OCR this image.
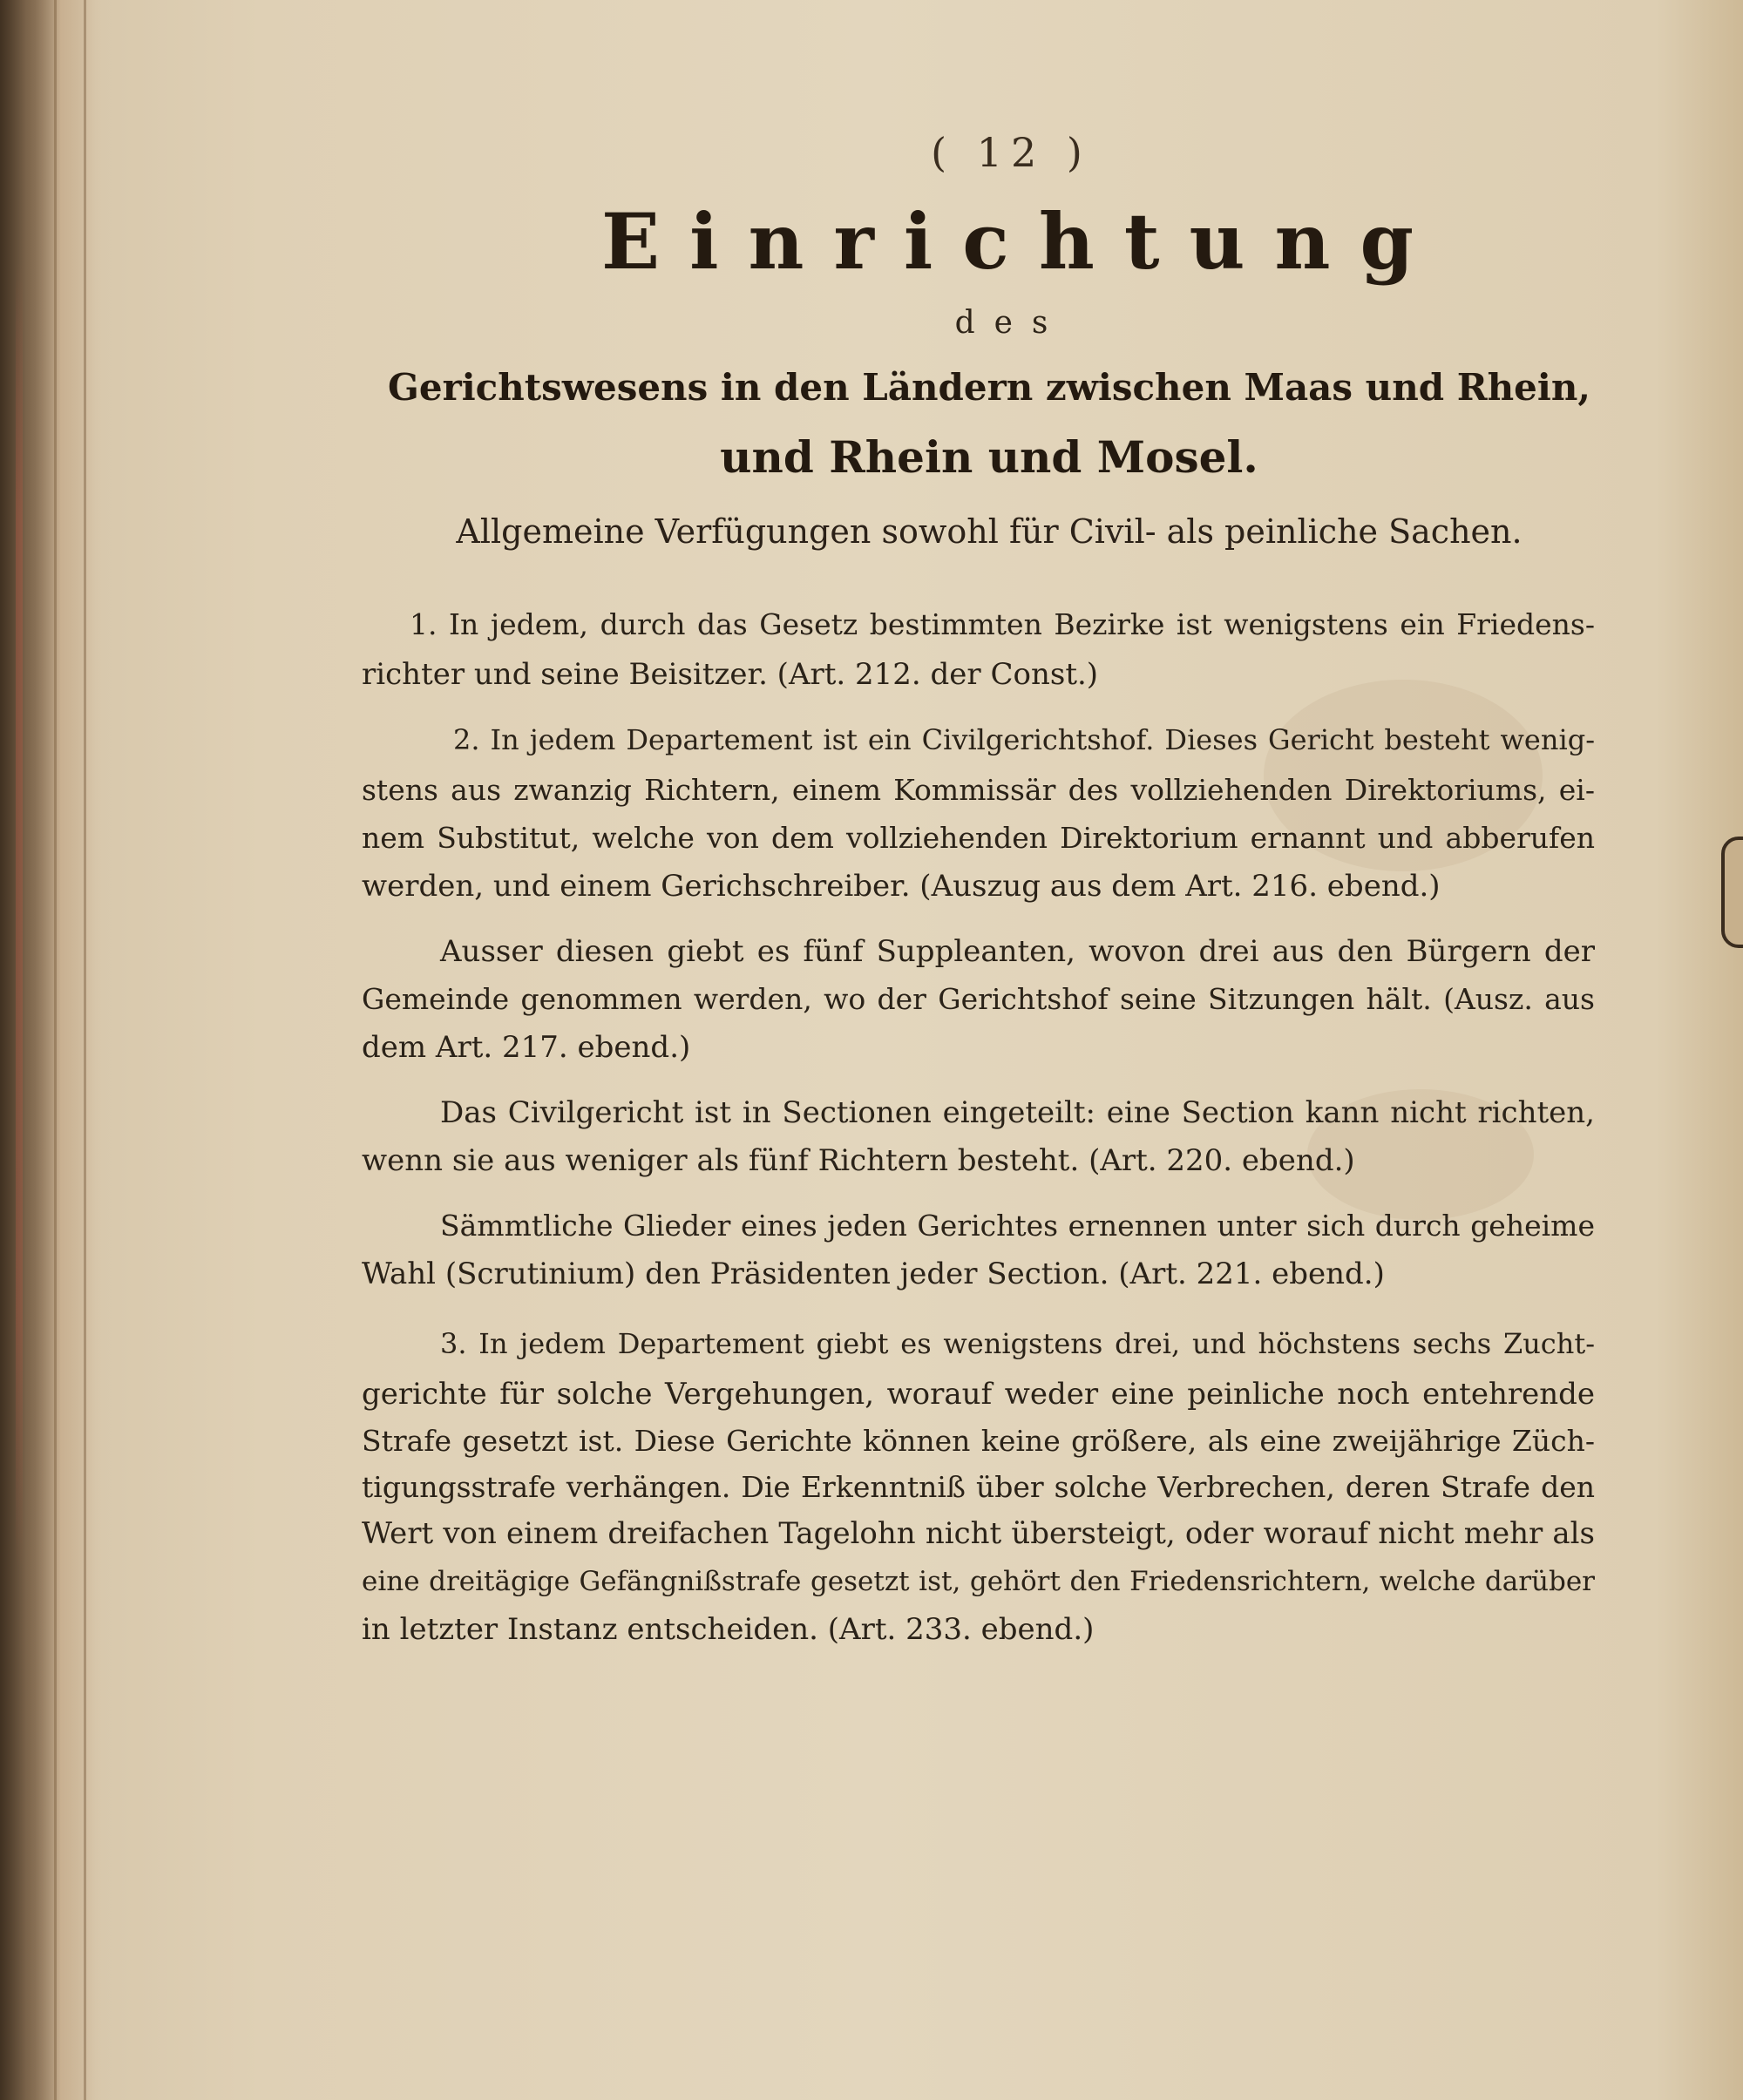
( 12 )
Einrichtung
des
Gerichtswesens in den Ländern zwischen Maas und Rhein,
und Rhein und Mosel.
Allgemeine Verfügungen sowohl für Civil- als peinliche Sachen.
1. In jedem, durch das Gesetz bestimmten Bezirke ist wenigstens ein Friedens-
richter und seine Beisitzer. (Art. 212. der Const.)
2. In jedem Departement ist ein Civilgerichtshof. Dieses Gericht besteht wenig-
stens aus zwanzig Richtern, einem Kommissär des vollziehenden Direktoriums, ei-
nem Substitut, welche von dem vollziehenden Direktorium ernannt und abberufen
werden, und einem Gerichschreiber. (Auszug aus dem Art. 216. ebend.)
Ausser diesen giebt es fünf Suppleanten, wovon drei aus den Bürgern der
Gemeinde genommen werden, wo der Gerichtshof seine Sitzungen hält. (Ausz. aus
dem Art. 217. ebend.)
Das Civilgericht ist in Sectionen eingeteilt: eine Section kann nicht richten,
wenn sie aus weniger als fünf Richtern besteht. (Art. 220. ebend.)
Sämmtliche Glieder eines jeden Gerichtes ernennen unter sich durch geheime
Wahl (Scrutinium) den Präsidenten jeder Section. (Art. 221. ebend.)
3. In jedem Departement giebt es wenigstens drei, und höchstens sechs Zucht-
gerichte für solche Vergehungen, worauf weder eine peinliche noch entehrende
Strafe gesetzt ist. Diese Gerichte können keine größere, als eine zweijährige Züch-
tigungsstrafe verhängen. Die Erkenntniß über solche Verbrechen, deren Strafe den
Wert von einem dreifachen Tagelohn nicht übersteigt, oder worauf nicht mehr als
eine dreitägige Gefängnißstrafe gesetzt ist, gehört den Friedensrichtern, welche darüber
in letzter Instanz entscheiden. (Art. 233. ebend.)
